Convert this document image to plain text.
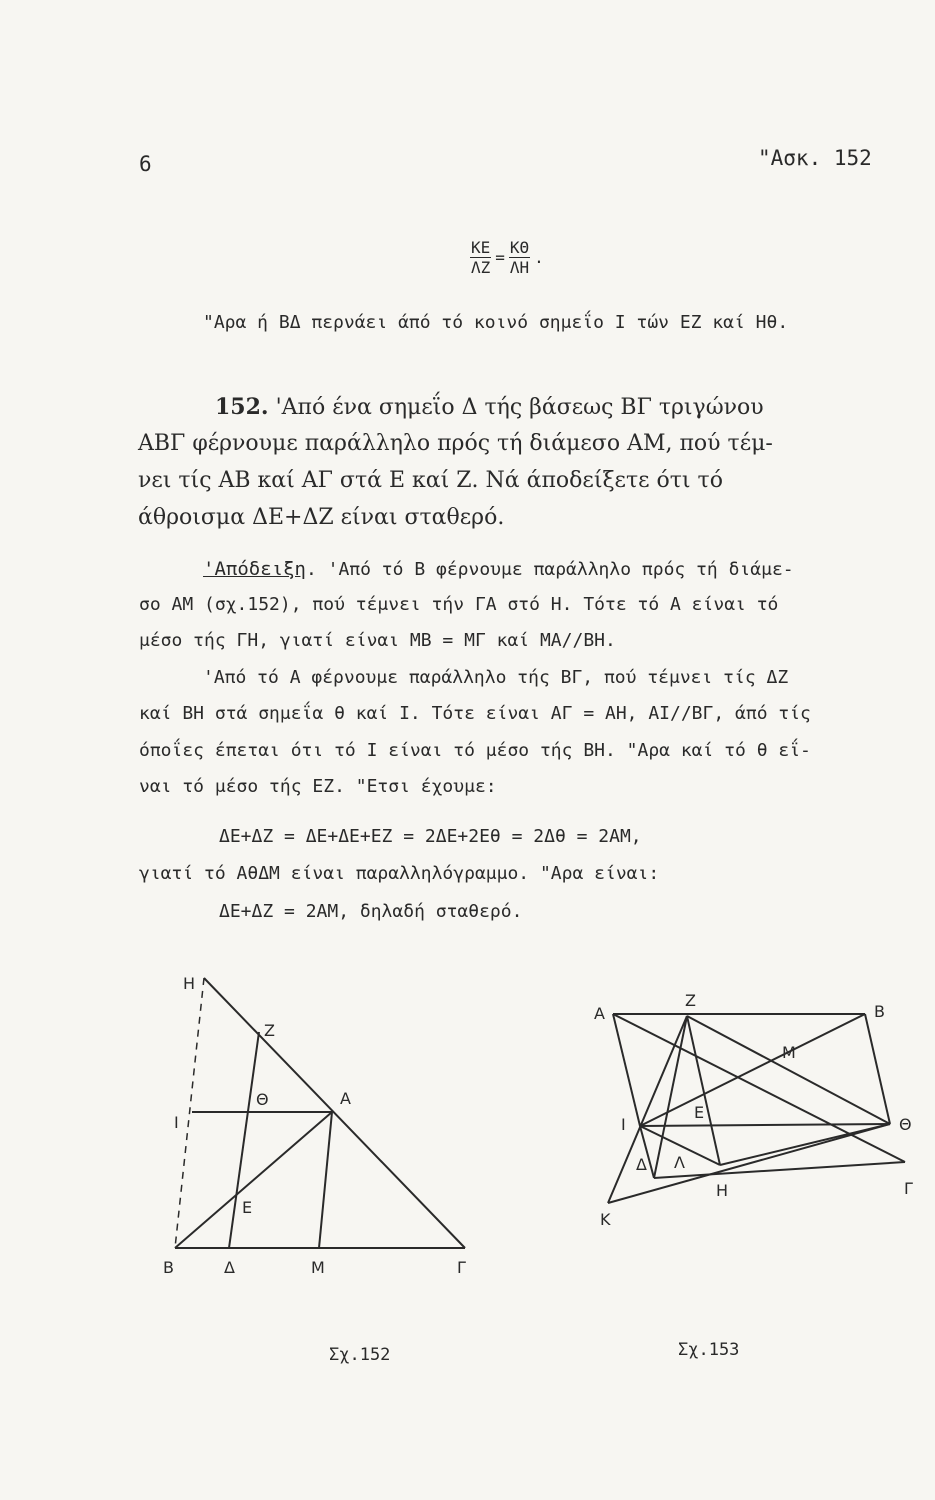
6	"Ασκ. 152
$\frac{KE}{\Lambda Z} = \frac{K\Theta}{\Lambda H}$ .
"Αρα ή ΒΔ περνάει άπό τό κοινό σημεΐο Ι τών ΕΖ καί Ηθ.
152. 'Από ένα σημεΐο Δ τής βάσεως ΒΓ τριγώνου
ΑΒΓ φέρνουμε παράλληλο πρός τή διάμεσο ΑΜ, πού τέμ-
νει τίς ΑΒ καί ΑΓ στά Ε καί Ζ. Νά άποδείξετε ότι τό
άθροισμα ΔΕ+ΔΖ είναι σταθερό.
'Απόδειξη. 'Από τό Β φέρνουμε παράλληλο πρός τή διάμε-
σο ΑΜ (σχ.152), πού τέμνει τήν ΓΑ στό Η. Τότε τό Α είναι τό
μέσο τής ΓΗ, γιατί είναι ΜΒ = ΜΓ καί ΜΑ//ΒΗ.
'Από τό Α φέρνουμε παράλληλο τής ΒΓ, πού τέμνει τίς ΔΖ
καί ΒΗ στά σημεΐα θ καί Ι. Τότε είναι ΑΓ = ΑΗ, ΑΙ//ΒΓ, άπό τίς
όποΐες έπεται ότι τό Ι είναι τό μέσο τής ΒΗ. "Αρα καί τό θ εΐ-
ναι τό μέσο τής ΕΖ. "Ετσι έχουμε:
ΔΕ+ΔΖ = ΔΕ+ΔΕ+ΕΖ = 2ΔΕ+2Εθ = 2Δθ = 2ΑΜ,
γιατί τό ΑθΔΜ είναι παραλληλόγραμμο. "Αρα είναι:
ΔΕ+ΔΖ = 2ΑΜ, δηλαδή σταθερό.
Η
Ζ
Θ	Α
Ι
Ε
Β	Δ	Μ	Γ
Α
Ζ
Β
Μ
Ε
Ι	Θ
Δ Λ
Η	Γ
Κ
Σχ.152	Σχ.153
